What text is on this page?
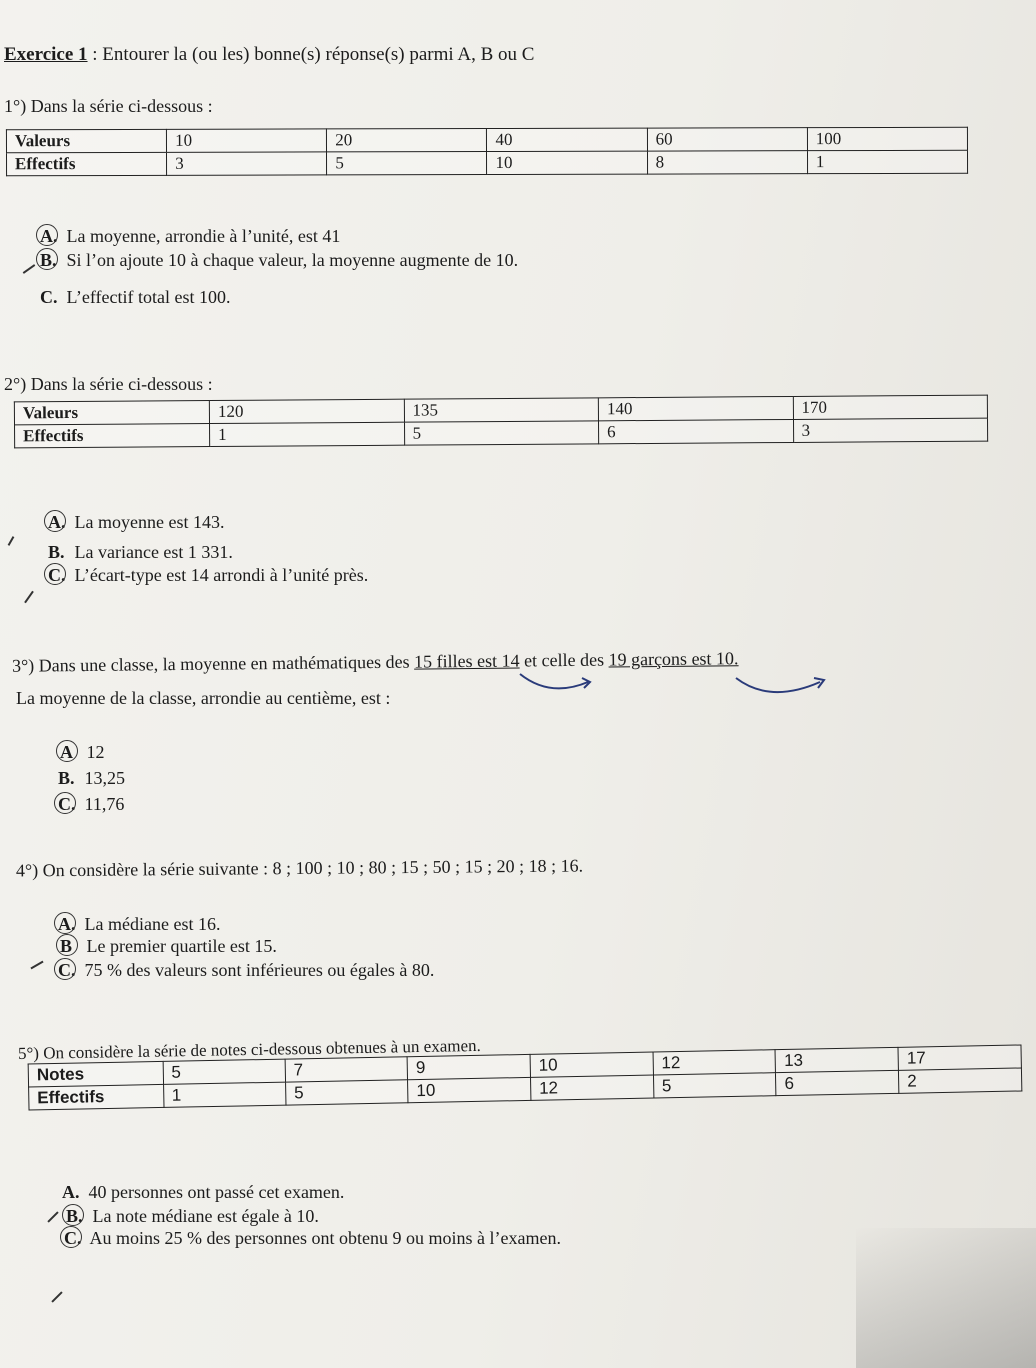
Exercice 1 : Entourer la (ou les) bonne(s) réponse(s) parmi A, B ou C
1°) Dans la série ci-dessous :
Valeurs	10	20	40	60	100
Effectifs	3	5	10	8	1
A. La moyenne, arrondie à l’unité, est 41
B. Si l’on ajoute 10 à chaque valeur, la moyenne augmente de 10.
C. L’effectif total est 100.
2°) Dans la série ci-dessous :
Valeurs	120	135	140	170
Effectifs	1	5	6	3
A. La moyenne est 143.
B. La variance est 1 331.
C. L’écart-type est 14 arrondi à l’unité près.
3°) Dans une classe, la moyenne en mathématiques des 15 filles est 14 et celle des 19 garçons est 10.
La moyenne de la classe, arrondie au centième, est :
A 12
B. 13,25
C. 11,76
4°) On considère la série suivante : 8 ; 100 ; 10 ; 80 ; 15 ; 50 ; 15 ; 20 ; 18 ; 16.
A. La médiane est 16.
B Le premier quartile est 15.
C. 75 % des valeurs sont inférieures ou égales à 80.
5°) On considère la série de notes ci-dessous obtenues à un examen.
Notes	5	7	9	10	12	13	17
Effectifs	1	5	10	12	5	6	2
A. 40 personnes ont passé cet examen.
B. La note médiane est égale à 10.
C. Au moins 25 % des personnes ont obtenu 9 ou moins à l’examen.
